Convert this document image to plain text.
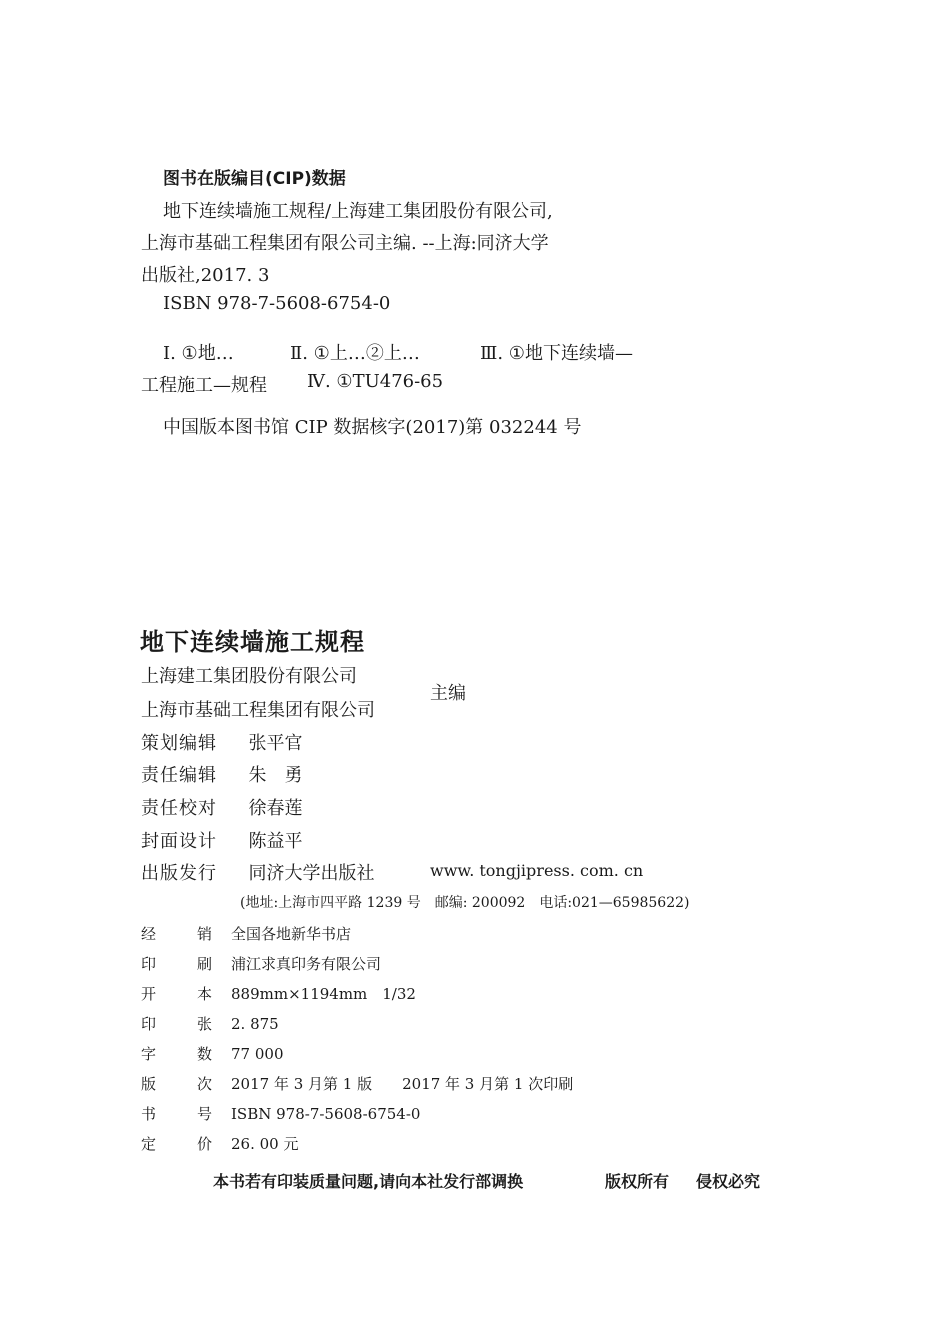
图书在版编目(CIP)数据
地下连续墙施工规程/上海建工集团股份有限公司,
上海市基础工程集团有限公司主编. --上海:同济大学
出版社,2017. 3
ISBN 978-7-5608-6754-0
Ⅰ. ①地…	Ⅱ. ①上…②上…	Ⅲ. ①地下连续墙—
工程施工—规程 Ⅳ. ①TU476-65
中国版本图书馆 CIP 数据核字(2017)第 032244 号
地下连续墙施工规程
上海建工集团股份有限公司
上海市基础工程集团有限公司
主编
策划编辑 张平官
责任编辑 朱　勇
责任校对 徐春莲
封面设计 陈益平
出版发行 同济大学出版社	www. tongjipress. com. cn
(地址:上海市四平路 1239 号　邮编: 200092　电话:021—65985622)
经	销 全国各地新华书店
印	刷 浦江求真印务有限公司
开	本 889mm×1194mm　1/32
印	张 2. 875
字	数 77 000
版	次 2017 年 3 月第 1 版　　2017 年 3 月第 1 次印刷
书	号 ISBN 978-7-5608-6754-0
定	价 26. 00 元
本书若有印装质量问题,请向本社发行部调换	版权所有 侵权必究
